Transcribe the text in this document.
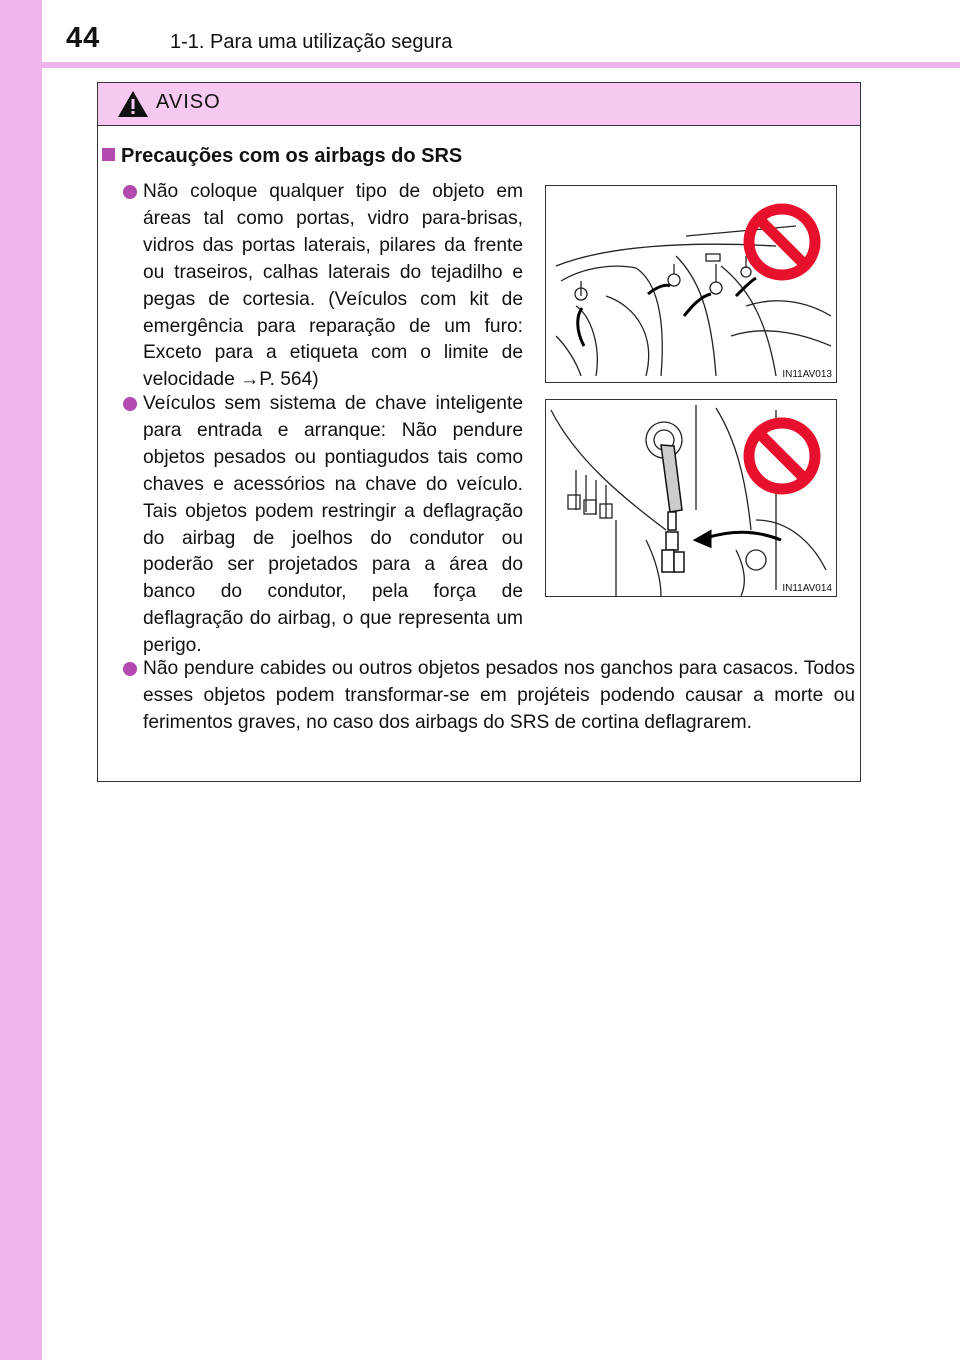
44	1-1. Para uma utilização segura
AVISO
Precauções com os airbags do SRS
Não coloque qualquer tipo de objeto em áreas tal como portas, vidro para-brisas, vidros das portas laterais, pilares da frente ou traseiros, calhas laterais do tejadilho e pegas de cortesia. (Veículos com kit de emergência para reparação de um furo: Exceto para a etiqueta com o limite de velocidade →P. 564)	IN11AV013
Veículos sem sistema de chave inteligente para entrada e arranque: Não pendure objetos pesados ou pontiagudos tais como chaves e acessórios na chave do veículo. Tais objetos podem restringir a deflagração do airbag de joelhos do condutor ou poderão ser projetados para a área do banco do condutor, pela força de deflagração do airbag, o que representa um perigo.
IN11AV014
Não pendure cabides ou outros objetos pesados nos ganchos para casacos. Todos esses objetos podem transformar-se em projéteis podendo causar a morte ou ferimentos graves, no caso dos airbags do SRS de cortina deflagrarem.
